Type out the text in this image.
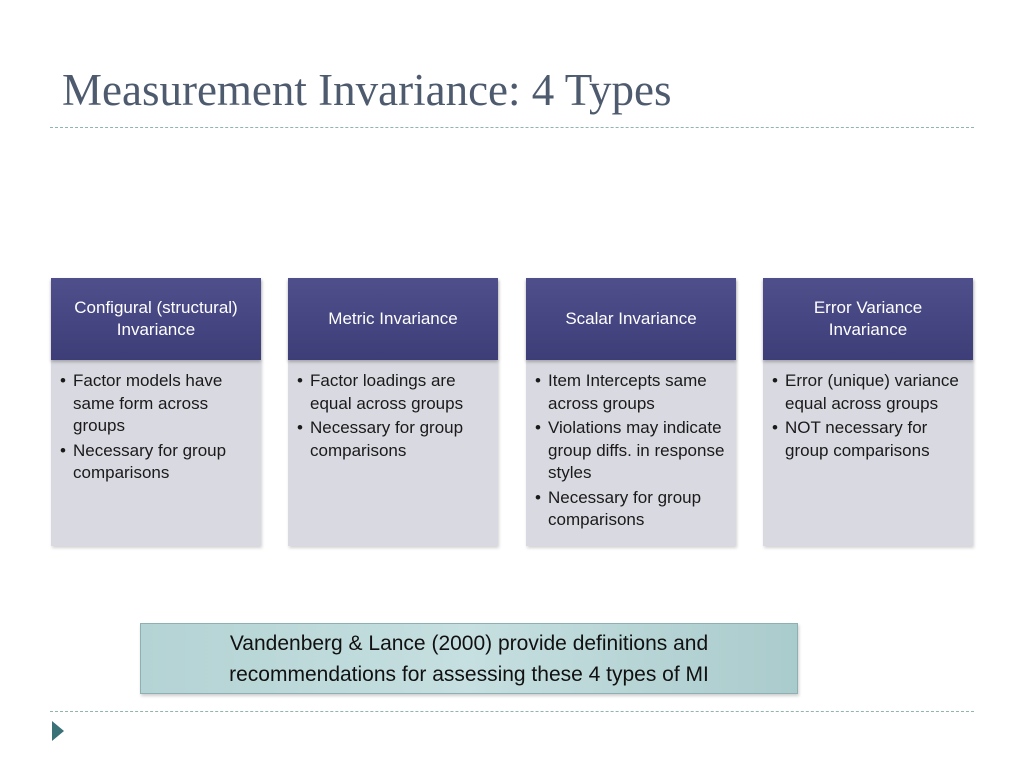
Measurement Invariance: 4 Types
Configural (structural) Invariance
• Factor models have same form across groups
• Necessary for group comparisons
Metric Invariance
• Factor loadings are equal across groups
• Necessary for group comparisons
Scalar Invariance
• Item Intercepts same across groups
• Violations may indicate group diffs. in response styles
• Necessary for group comparisons
Error Variance Invariance
• Error (unique) variance equal across groups
• NOT necessary for group comparisons
Vandenberg & Lance (2000) provide definitions and recommendations for assessing these 4 types of MI
